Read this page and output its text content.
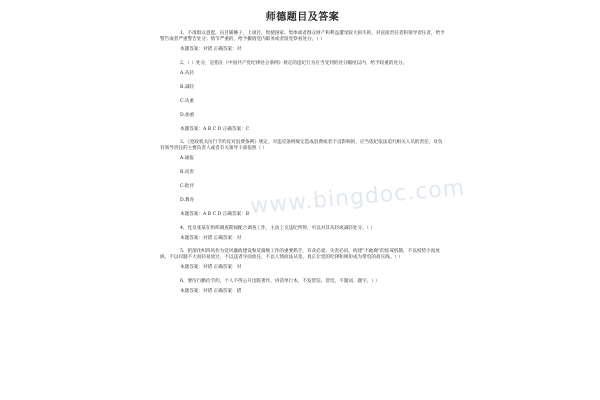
师德题目及答案

1、不准群众意愿，盲目铺摊子，上项目，致使国家、集体或者群众财产和利益遭受较大损失的，对直接责任者和领导责任者，给予警告或者严重警告处分；情节严重的，给予撤销党内职务或者留党察看处分。（ ）

本题答案：对错 正确答案：对

2、（ ）处分，是指在《中国共产党纪律处分条例》规定的违纪行为应当受到的处分幅度以内，给予较重的处分。

A.从轻

B.减轻

C.从重

D.加重

本题答案：A B C D 正确答案：C

3、《党政机关厉行节约反对浪费条例》规定，对违反条例规定造成浪费或者不良影响的，应当依纪依法追究相关人员的责任，对负有领导责任的主要负责人或者有关领导干部依照（ ）

A.通报

B.问责

C.批评

D.教育

本题答案：A B C D 正确答案：B

4、党员张某在组织调查期间配合调查工作，主动上交违纪所得，可以对其从轻或减轻处分。（ ）

本题答案：对错 正确答案：对

5、把深化纠四风作为党风廉政建设和反腐败工作的重要抓手，有贪必肃、失责必问，构建"不敢腐"的惩戒机制，不以权势小而放纵，不以问题不大而轻易放过，不以违者少而放任，不以人情而法从宽，真正让党的纪律和规矩成为带电的高压线。（ ）

本题答案：对错 正确答案：对

6、要厉行勤俭节约，个人不得公开出版著作、讲话单行本，不发贺信、贺电，不题词、题字。（ ）

本题答案：对错 正确答案：错

www.bingdoc.com
